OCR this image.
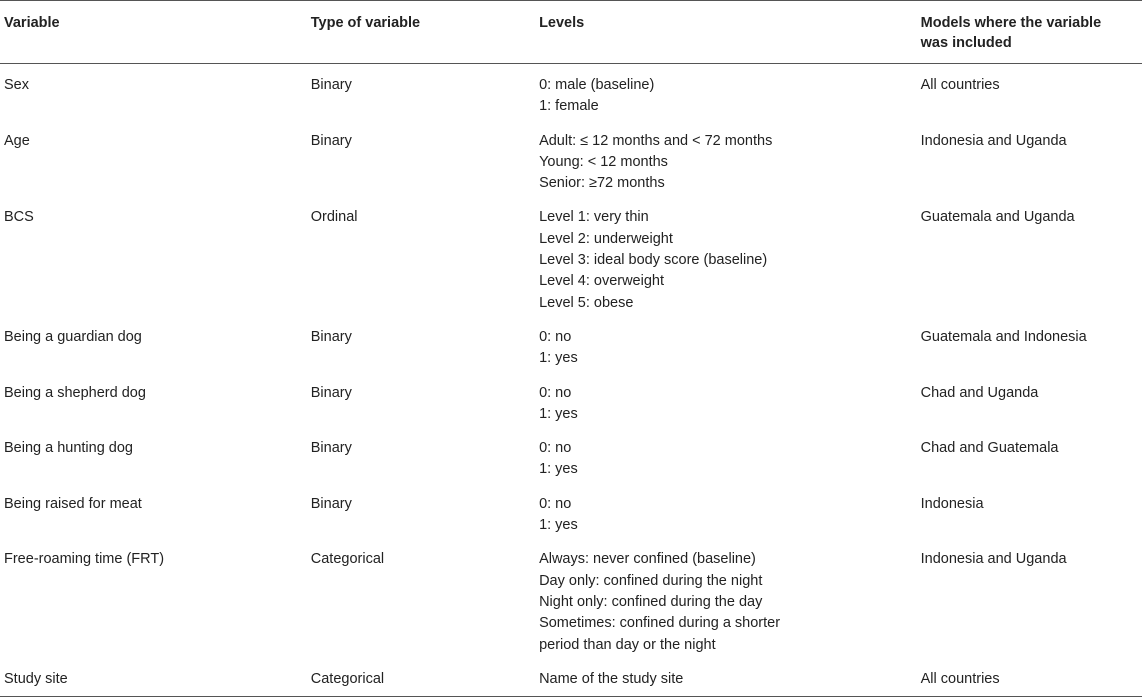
Variable	Type of variable	Levels	Models where the variable
was included

Sex	Binary	0: male (baseline)
1: female	All countries
Age	Binary	Adult: ≤ 12 months and < 72 months
Young: < 12 months
Senior: ≥72 months	Indonesia and Uganda
BCS	Ordinal	Level 1: very thin
Level 2: underweight
Level 3: ideal body score (baseline)
Level 4: overweight
Level 5: obese	Guatemala and Uganda
Being a guardian dog	Binary	0: no
1: yes	Guatemala and Indonesia
Being a shepherd dog	Binary	0: no
1: yes	Chad and Uganda
Being a hunting dog	Binary	0: no
1: yes	Chad and Guatemala
Being raised for meat	Binary	0: no
1: yes	Indonesia
Free-roaming time (FRT)	Categorical	Always: never confined (baseline)
Day only: confined during the night
Night only: confined during the day
Sometimes: confined during a shorter
period than day or the night	Indonesia and Uganda
Study site	Categorical	Name of the study site	All countries
